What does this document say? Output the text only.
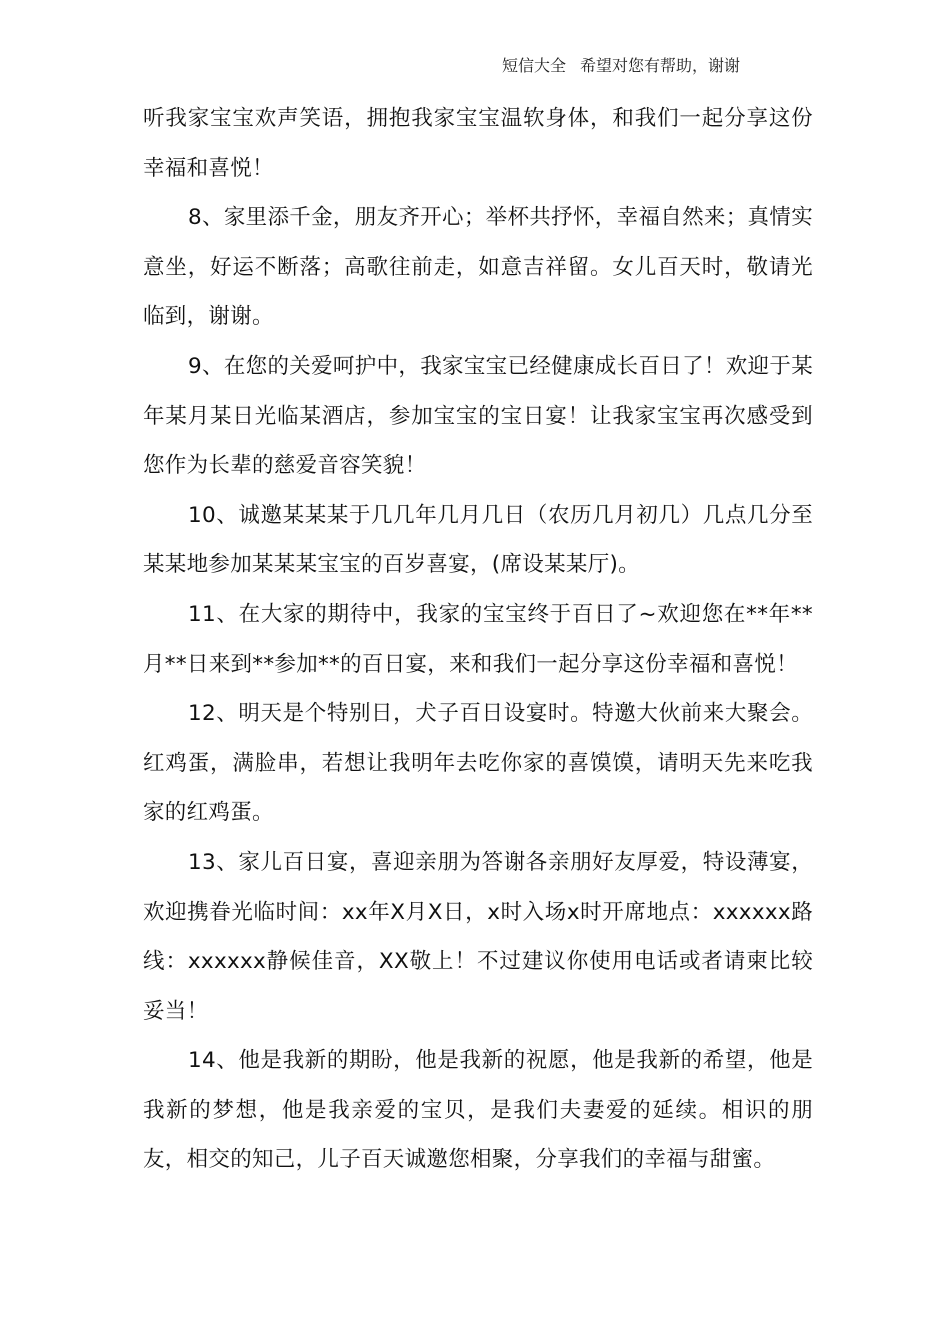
短信大全 希望对您有帮助，谢谢

听我家宝宝欢声笑语，拥抱我家宝宝温软身体，和我们一起分享这份幸福和喜悦！

8、家里添千金，朋友齐开心；举杯共抒怀，幸福自然来；真情实意坐，好运不断落；高歌往前走，如意吉祥留。女儿百天时，敬请光临到，谢谢。

9、在您的关爱呵护中，我家宝宝已经健康成长百日了！欢迎于某年某月某日光临某酒店，参加宝宝的宝日宴！让我家宝宝再次感受到您作为长辈的慈爱音容笑貌！

10、诚邀某某某于几几年几月几日（农历几月初几）几点几分至某某地参加某某某宝宝的百岁喜宴，(席设某某厅)。

11、在大家的期待中，我家的宝宝终于百日了~欢迎您在**年**月**日来到**参加**的百日宴，来和我们一起分享这份幸福和喜悦！

12、明天是个特别日，犬子百日设宴时。特邀大伙前来大聚会。红鸡蛋，满脸串，若想让我明年去吃你家的喜馍馍，请明天先来吃我家的红鸡蛋。

13、家儿百日宴，喜迎亲朋为答谢各亲朋好友厚爱，特设薄宴，欢迎携眷光临时间：xx年X月X日，x时入场x时开席地点：xxxxxx路线：xxxxxx静候佳音，XX敬上！不过建议你使用电话或者请柬比较妥当！

14、他是我新的期盼，他是我新的祝愿，他是我新的希望，他是我新的梦想，他是我亲爱的宝贝，是我们夫妻爱的延续。相识的朋友，相交的知己，儿子百天诚邀您相聚，分享我们的幸福与甜蜜。
